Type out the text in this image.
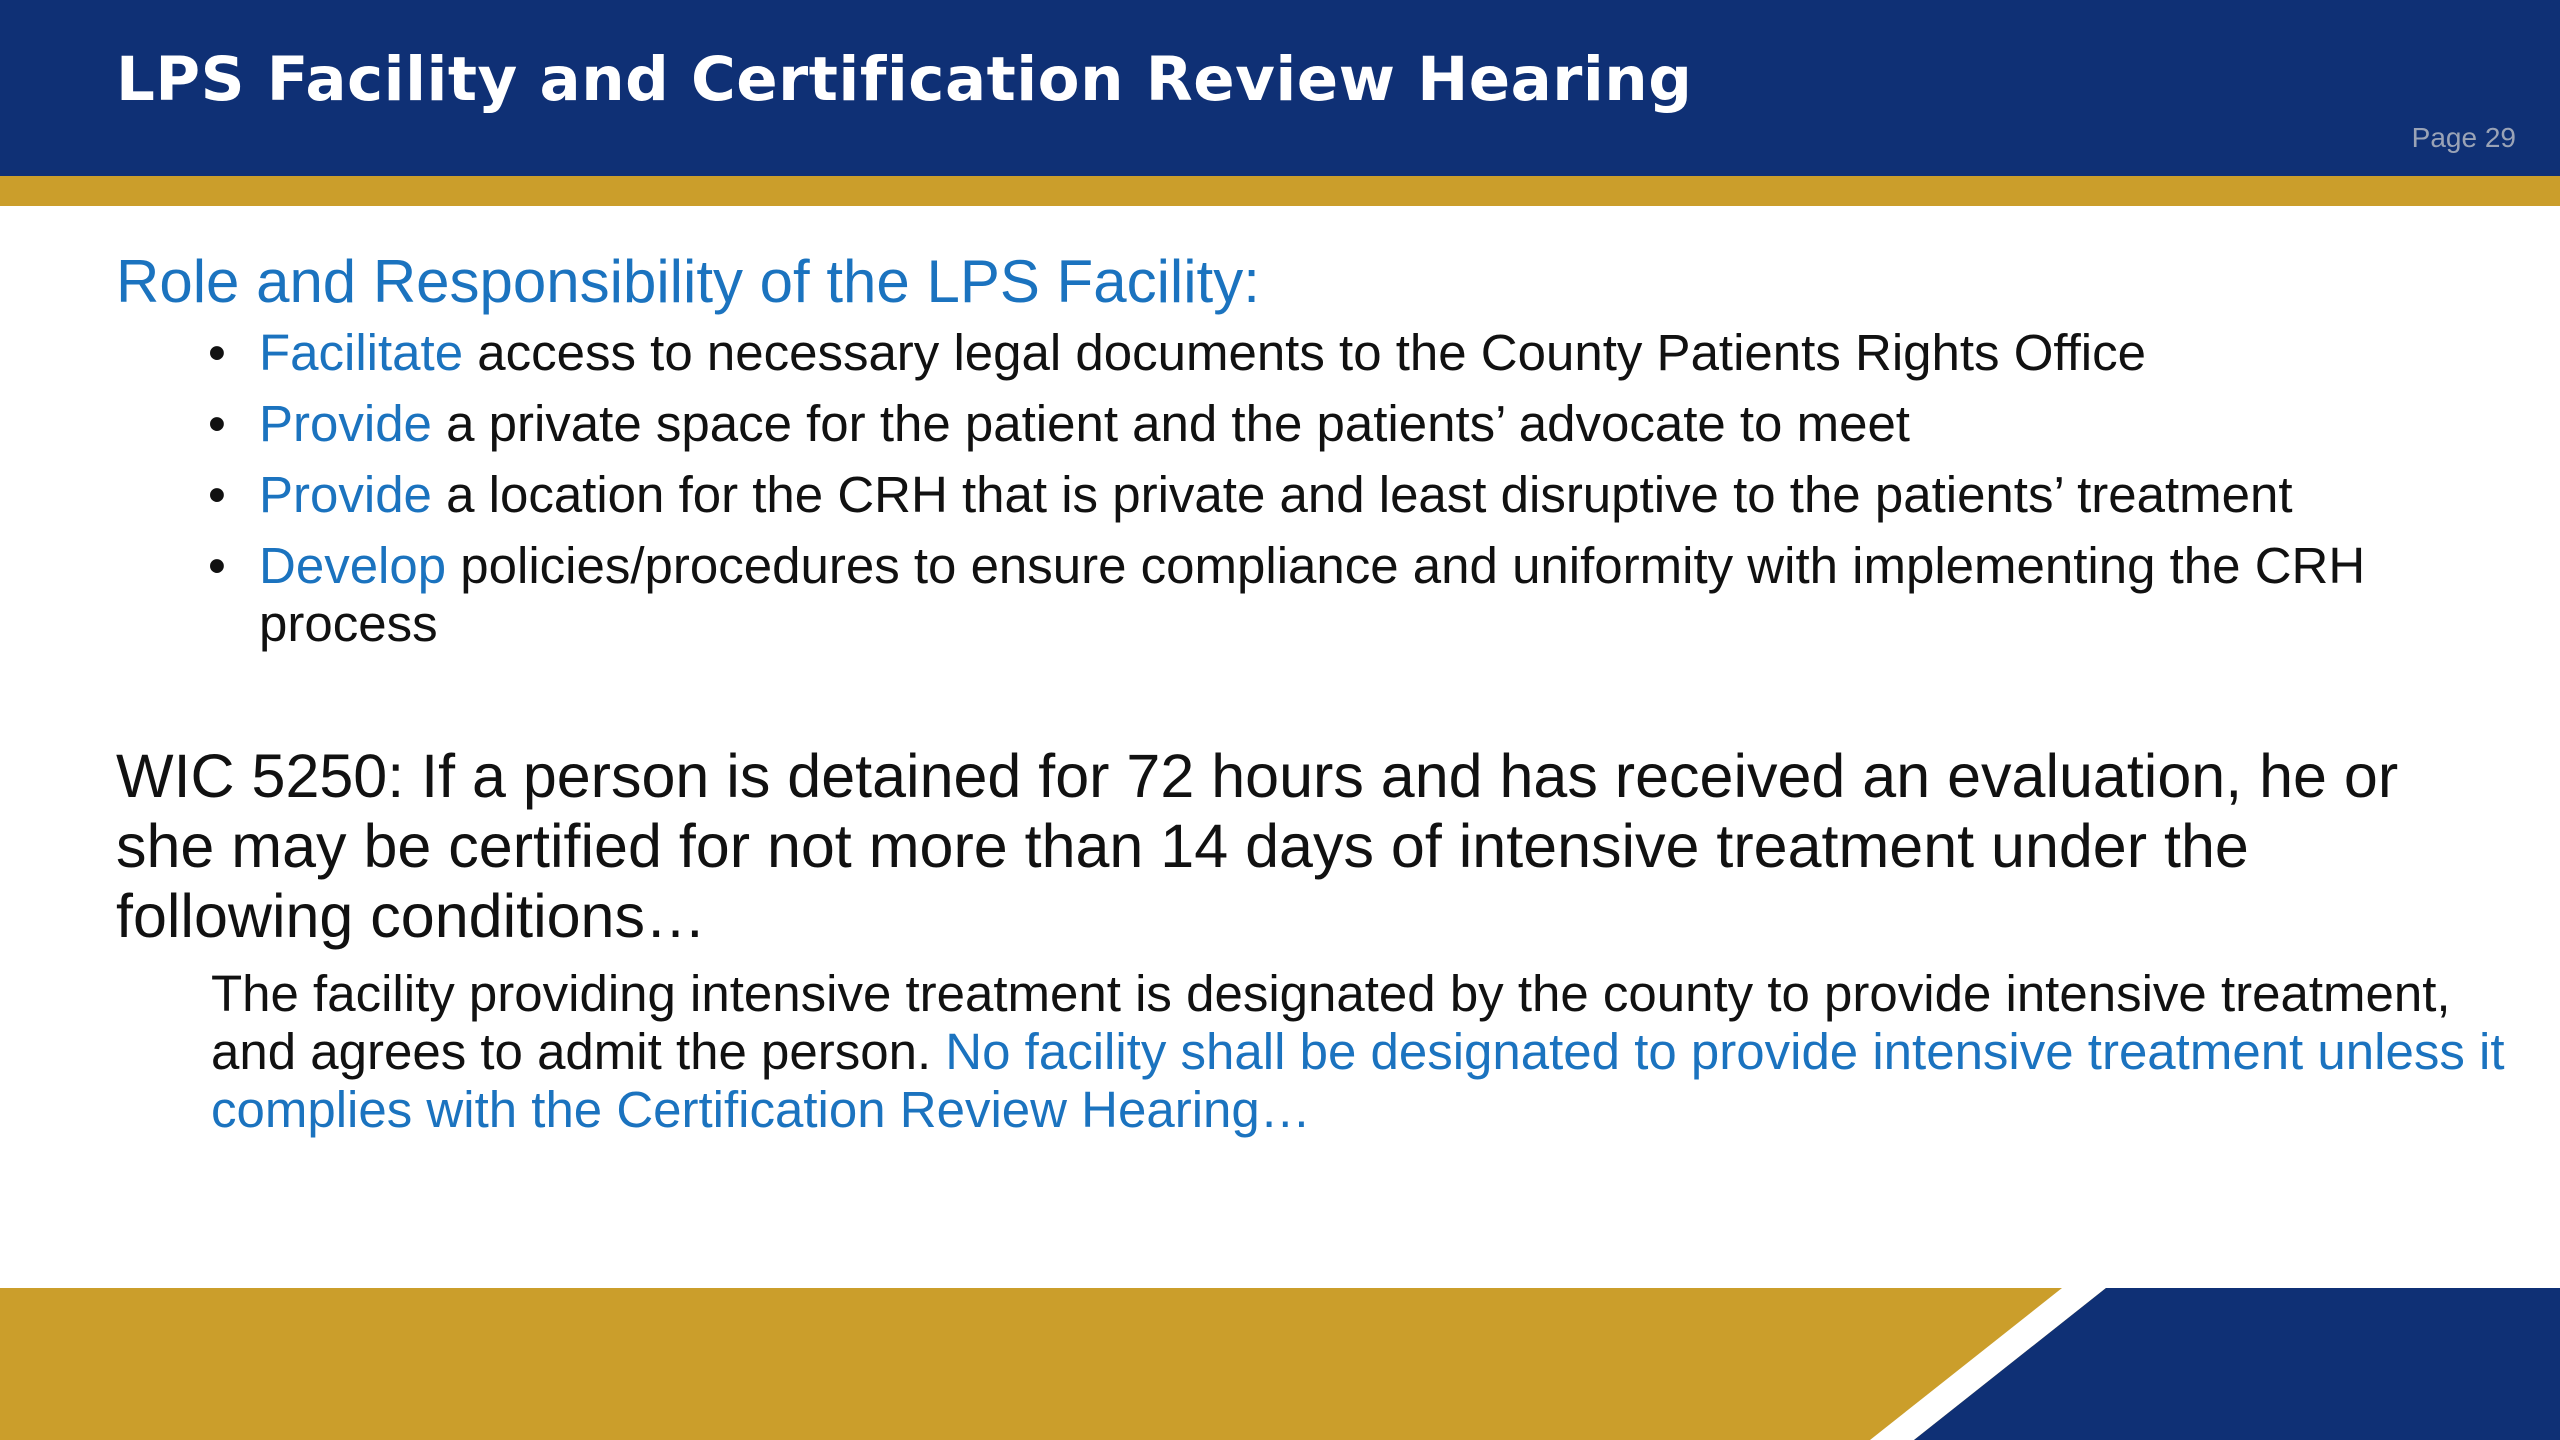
LPS Facility and Certification Review Hearing
Page 29
Role and Responsibility of the LPS Facility:
• Facilitate access to necessary legal documents to the County Patients Rights Office
• Provide a private space for the patient and the patients’ advocate to meet
• Provide a location for the CRH that is private and least disruptive to the patients’ treatment
• Develop policies/procedures to ensure compliance and uniformity with implementing the CRH process

WIC 5250: If a person is detained for 72 hours and has received an evaluation, he or she may be certified for not more than 14 days of intensive treatment under the following conditions…

The facility providing intensive treatment is designated by the county to provide intensive treatment, and agrees to admit the person. No facility shall be designated to provide intensive treatment unless it complies with the Certification Review Hearing…
